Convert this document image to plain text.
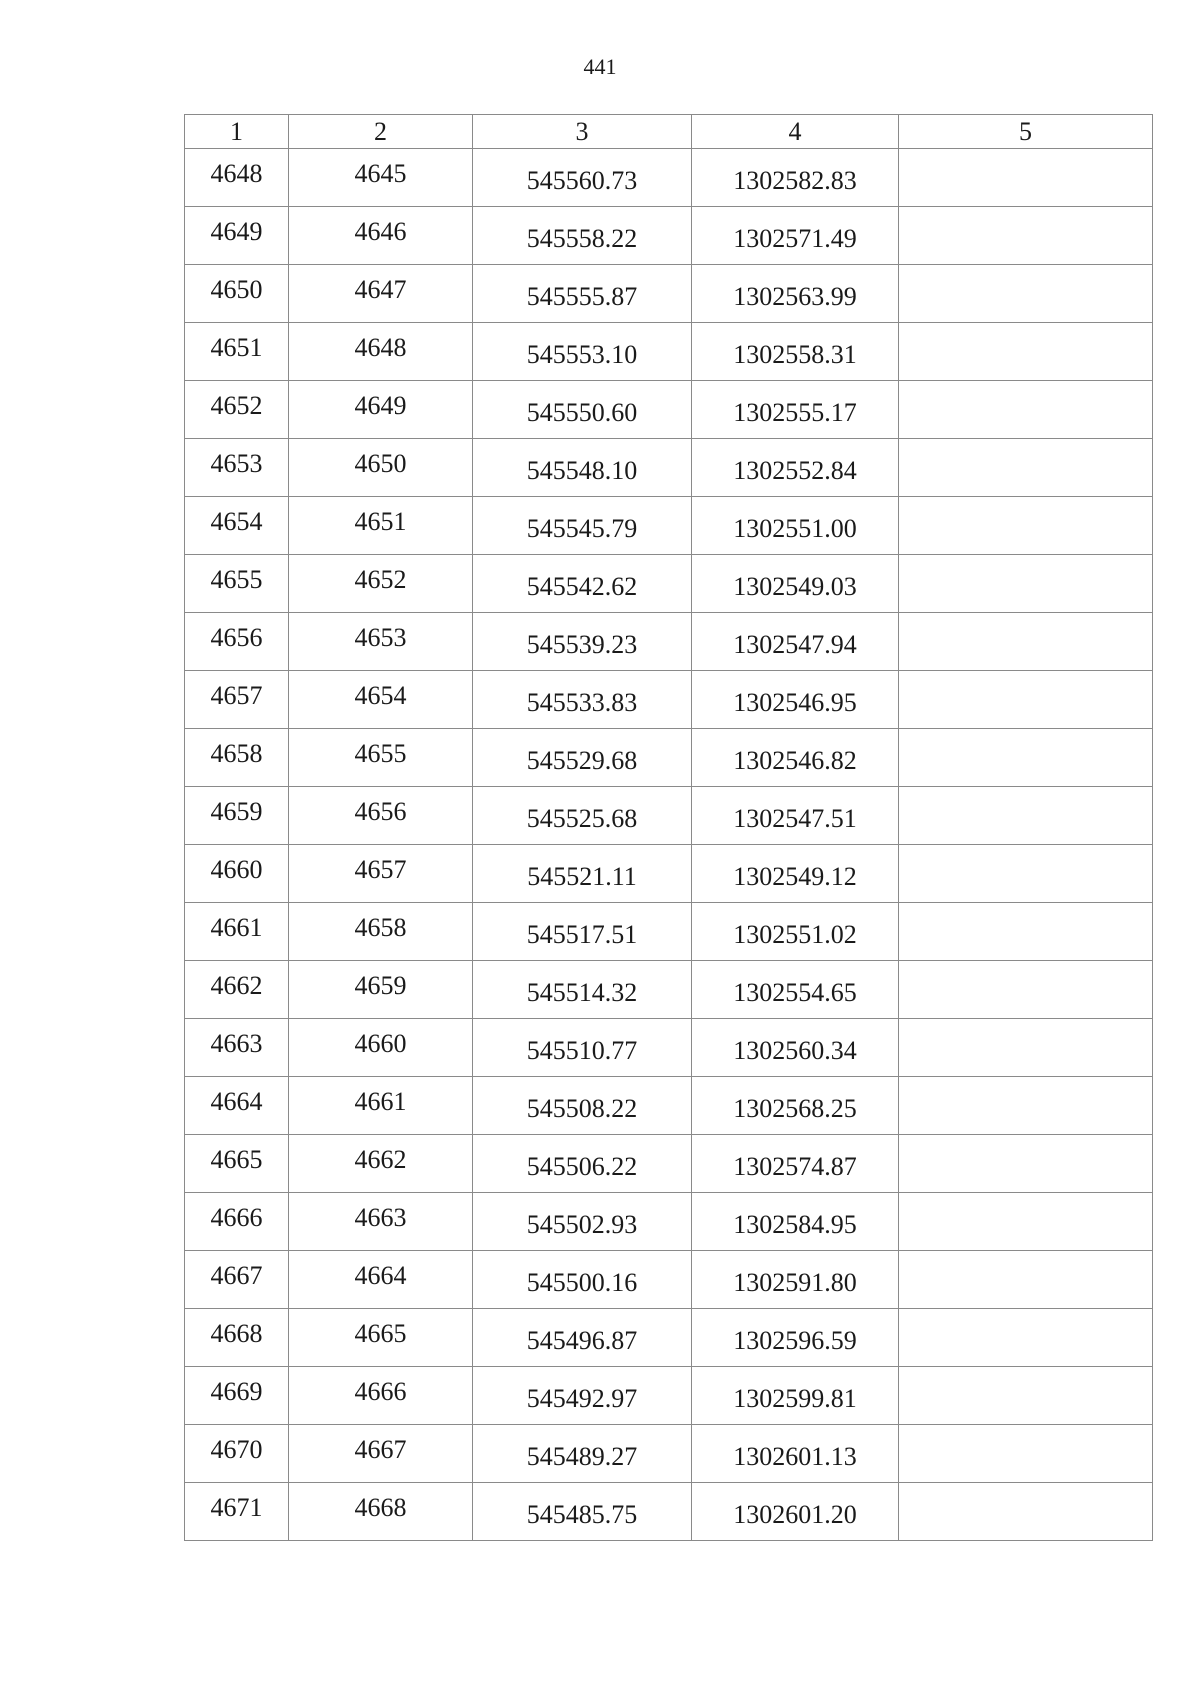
441
1	2	3	4	5
4648	4645	545560.73	1302582.83	
4649	4646	545558.22	1302571.49	
4650	4647	545555.87	1302563.99	
4651	4648	545553.10	1302558.31	
4652	4649	545550.60	1302555.17	
4653	4650	545548.10	1302552.84	
4654	4651	545545.79	1302551.00	
4655	4652	545542.62	1302549.03	
4656	4653	545539.23	1302547.94	
4657	4654	545533.83	1302546.95	
4658	4655	545529.68	1302546.82	
4659	4656	545525.68	1302547.51	
4660	4657	545521.11	1302549.12	
4661	4658	545517.51	1302551.02	
4662	4659	545514.32	1302554.65	
4663	4660	545510.77	1302560.34	
4664	4661	545508.22	1302568.25	
4665	4662	545506.22	1302574.87	
4666	4663	545502.93	1302584.95	
4667	4664	545500.16	1302591.80	
4668	4665	545496.87	1302596.59	
4669	4666	545492.97	1302599.81	
4670	4667	545489.27	1302601.13	
4671	4668	545485.75	1302601.20	
